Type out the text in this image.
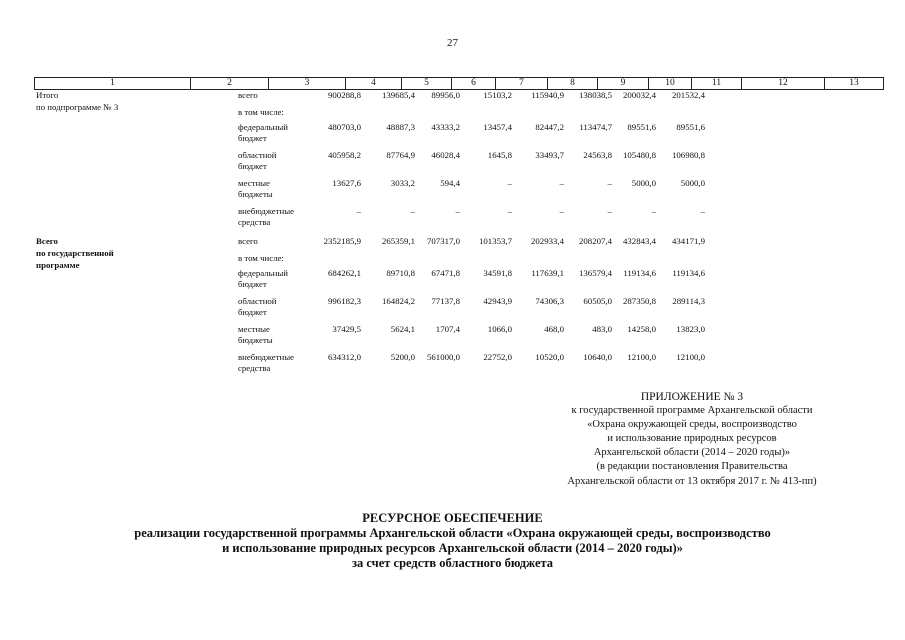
27
1	2	3	4	5	6	7	8	9	10	11	12	13
Итого
по подпрограмме № 3
всего	900288,8 139685,4 89956,0	15103,2 115940,9 138038,5 200032,4 201532,4
в том числе:
федеральный
бюджет
480703,0	48887,3 43333,2	13457,4	82447,2 113474,7 89551,6 89551,6
областной
бюджет
405958,2	87764,9 46028,4	1645,8	33493,7 24563,8 105480,8 106980,8
местные
бюджеты
13627,6	3033,2	594,4	–	–	– 5000,0	5000,0
внебюджетные
средства
–	–	–	–	–	–	–	–
Всего
по государственной
программе
всего	2352185,9 265359,1 707317,0 101353,7 202933,4 208207,4 432843,4 434171,9
в том числе:
федеральный
бюджет
684262,1	89710,8 67471,8	34591,8 117639,1 136579,4 119134,6 119134,6
областной
бюджет
996182,3 164824,2 77137,8	42943,9	74306,3 60505,0 287350,8 289114,3
местные
бюджеты
37429,5	5624,1 1707,4	1066,0	468,0	483,0 14258,0 13823,0
внебюджетные
средства
634312,0	5200,0 561000,0	22752,0	10520,0 10640,0 12100,0 12100,0
ПРИЛОЖЕНИЕ № 3
к государственной программе Архангельской области
«Охрана окружающей среды, воспроизводство
и использование природных ресурсов
Архангельской области (2014 – 2020 годы)»
(в редакции постановления Правительства
Архангельской области от 13 октября 2017 г. № 413-пп)
РЕСУРСНОЕ ОБЕСПЕЧЕНИЕ
реализации государственной программы Архангельской области «Охрана окружающей среды, воспроизводство
и использование природных ресурсов Архангельской области (2014 – 2020 годы)»
за счет средств областного бюджета
